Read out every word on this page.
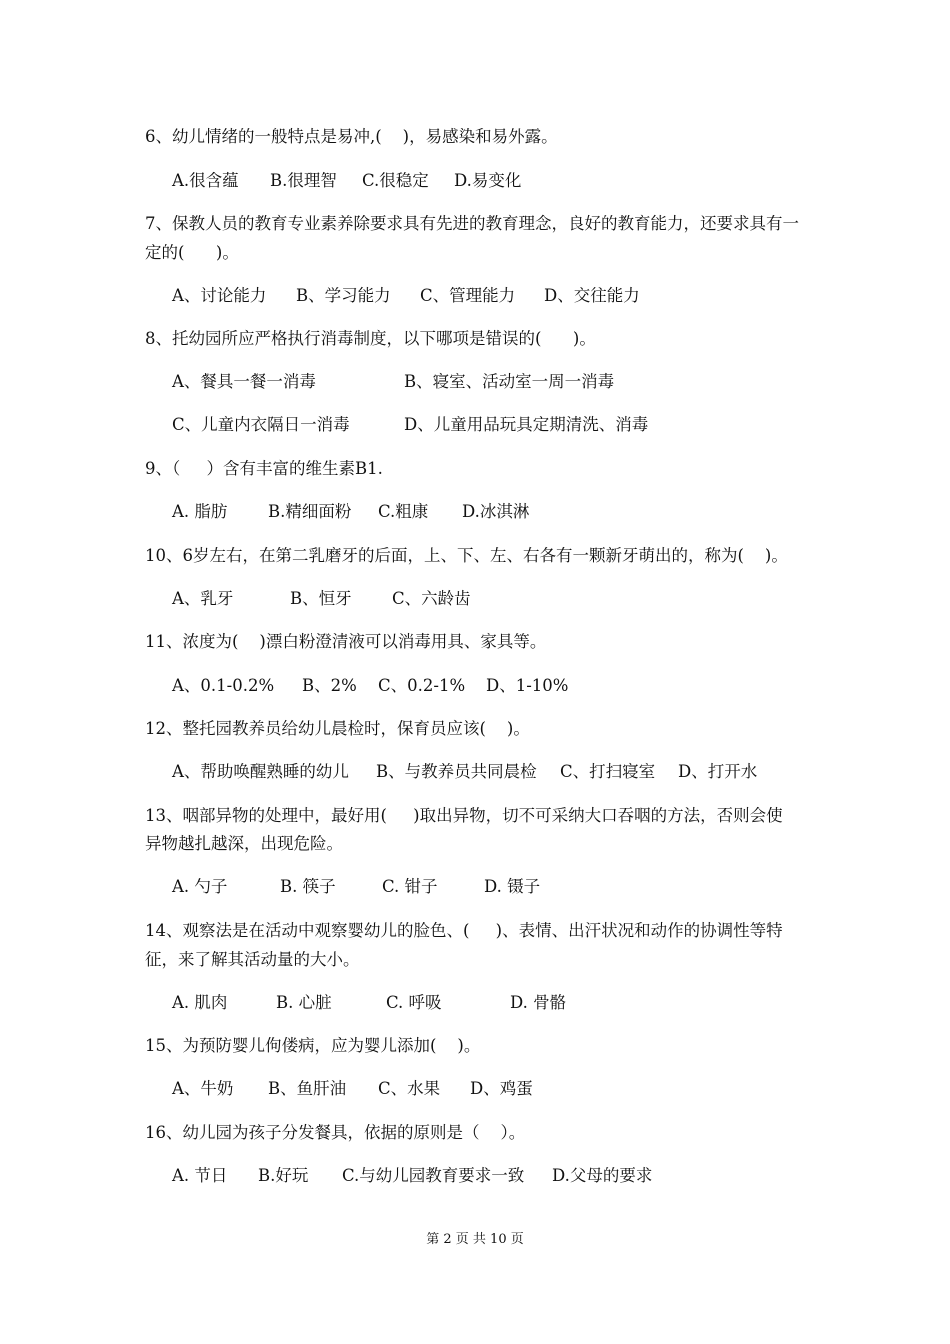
6、幼儿情绪的一般特点是易冲,(    )，易感染和易外露。
A.很含蕴 B.很理智 C.很稳定 D.易变化
7、保教人员的教育专业素养除要求具有先进的教育理念，良好的教育能力，还要求具有一
定的(      )。
A、讨论能力 B、学习能力 C、管理能力 D、交往能力
8、托幼园所应严格执行消毒制度，以下哪项是错误的(      )。
A、餐具一餐一消毒	B、寝室、活动室一周一消毒
C、儿童内衣隔日一消毒	D、儿童用品玩具定期清洗、消毒
9、（     ）含有丰富的维生素B1.
A. 脂肪 B.精细面粉 C.粗康 D.冰淇淋
10、6岁左右，在第二乳磨牙的后面，上、下、左、右各有一颗新牙萌出的，称为(    )。
A、乳牙	B、恒牙 C、六龄齿
11、浓度为(    )漂白粉澄清液可以消毒用具、家具等。
A、0.1-0.2% B、2% C、0.2-1% D、1-10%
12、整托园教养员给幼儿晨检时，保育员应该(    )。
A、帮助唤醒熟睡的幼儿 B、与教养员共同晨检 C、打扫寝室 D、打开水
13、咽部异物的处理中，最好用(     )取出异物，切不可采纳大口吞咽的方法，否则会使
异物越扎越深，出现危险。
A. 勺子	B. 筷子	C. 钳子	D. 镊子
14、观察法是在活动中观察婴幼儿的脸色、(     )、表情、出汗状况和动作的协调性等特
征，来了解其活动量的大小。
A. 肌肉	B. 心脏	C. 呼吸	D. 骨骼
15、为预防婴儿佝偻病，应为婴儿添加(    )。
A、牛奶 B、鱼肝油 C、水果 D、鸡蛋
16、幼儿园为孩子分发餐具，依据的原则是（    ）。
A. 节日 B.好玩 C.与幼儿园教育要求一致 D.父母的要求
第 2 页 共 10 页
